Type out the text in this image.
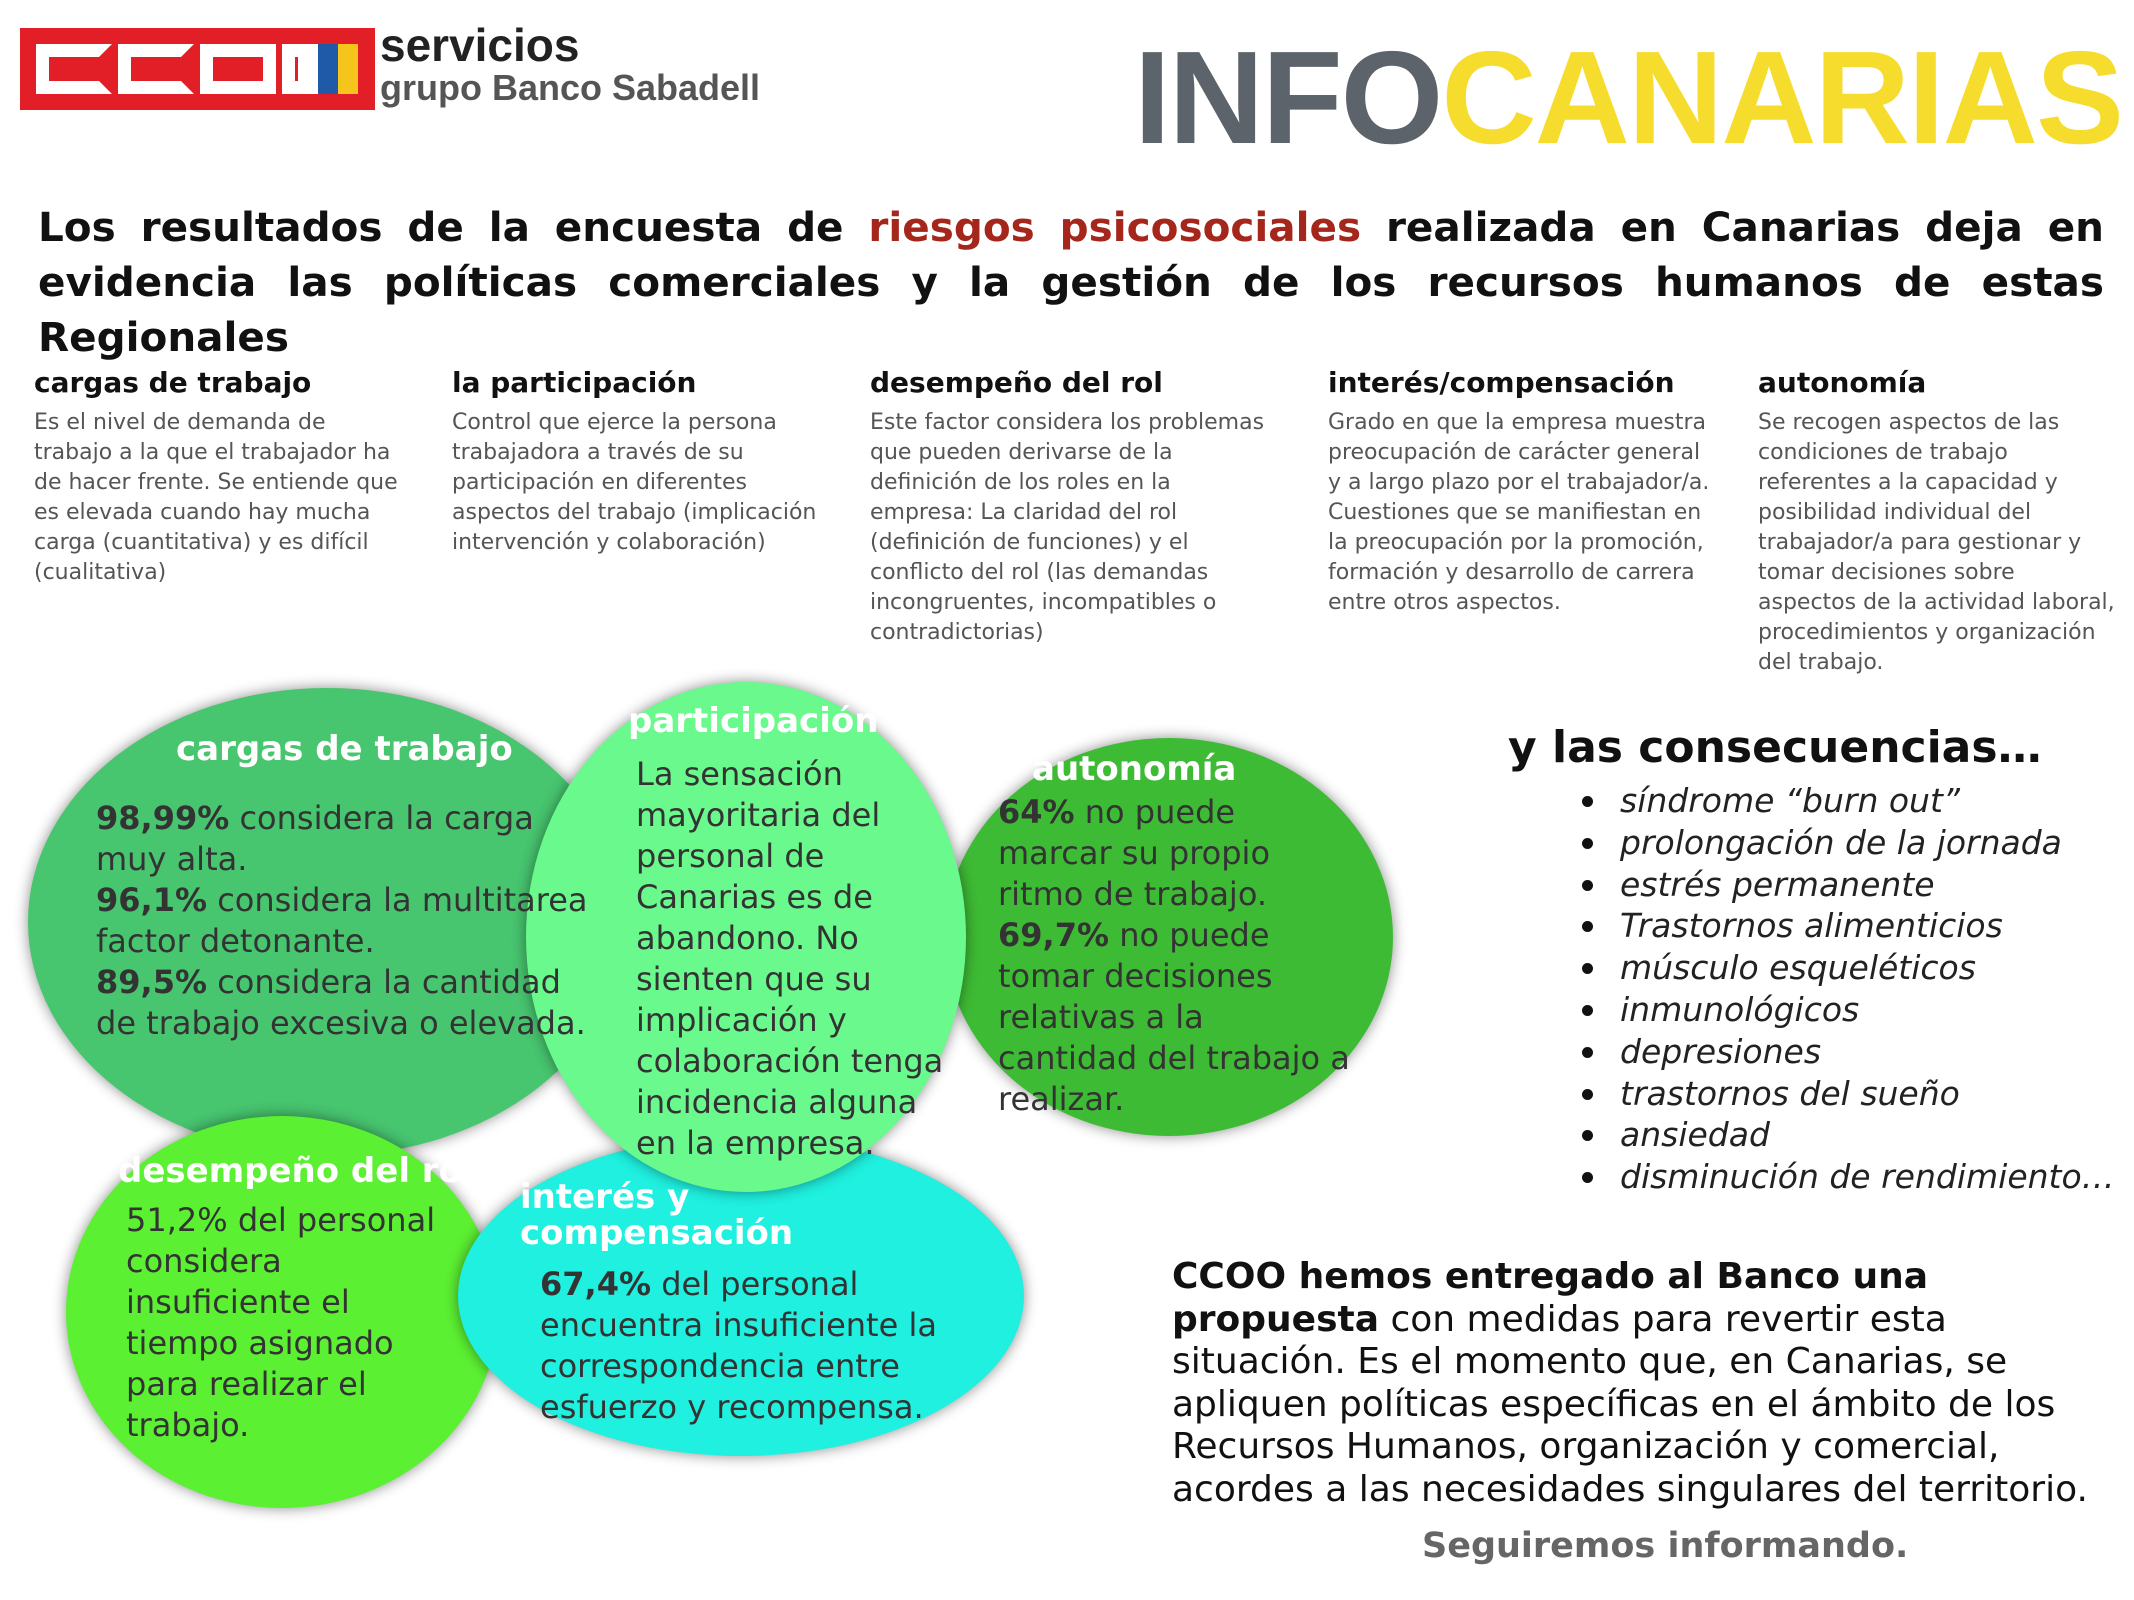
servicios
grupo Banco Sabadell	INFOCANARIAS
Los resultados de la encuesta de riesgos psicosociales realizada en Canarias deja en evidencia las políticas comerciales y la gestión de los recursos humanos de estas Regionales
cargas de trabajo

Es el nivel de demanda de trabajo a la que el trabajador ha de hacer frente. Se entiende que es elevada cuando hay mucha carga (cuantitativa) y es difícil (cualitativa)

la participación

Control que ejerce la persona trabajadora a través de su participación en diferentes aspectos del trabajo (implicación intervención y colaboración)

desempeño del rol

Este factor considera los problemas que pueden derivarse de la definición de los roles en la empresa: La claridad del rol (definición de funciones) y el conflicto del rol (las demandas incongruentes, incompatibles o contradictorias)

interés/compensación

Grado en que la empresa muestra preocupación de carácter general y a largo plazo por el trabajador/a. Cuestiones que se manifiestan en la preocupación por la promoción, formación y desarrollo de carrera entre otros aspectos.

autonomía

Se recogen aspectos de las condiciones de trabajo referentes a la capacidad y posibilidad individual del trabajador/a para gestionar y tomar decisiones sobre aspectos de la actividad laboral, procedimientos y organización del trabajo.

cargas de trabajo
98,99% considera la carga muy alta.
96,1% considera la multitarea factor detonante.
89,5% considera la cantidad de trabajo excesiva o elevada.
participación
La sensación mayoritaria del personal de Canarias es de abandono. No sienten que su implicación y colaboración tenga incidencia alguna en la empresa.
autonomía
64% no puede marcar su propio ritmo de trabajo.
69,7% no puede tomar decisiones relativas a la cantidad del trabajo a realizar.
desempeño del rol
51,2% del personal considera insuficiente el tiempo asignado para realizar el trabajo.
interés y
compensación
67,4% del personal encuentra insuficiente la correspondencia entre esfuerzo y recompensa.
y las consecuencias…
síndrome “burn out”
prolongación de la jornada
estrés permanente
Trastornos alimenticios
músculo esqueléticos
inmunológicos
depresiones
trastornos del sueño
ansiedad
disminución de rendimiento…
CCOO hemos entregado al Banco una propuesta con medidas para revertir esta situación. Es el momento que, en Canarias, se apliquen políticas específicas en el ámbito de los Recursos Humanos, organización y comercial, acordes a las necesidades singulares del territorio.
Seguiremos informando.
